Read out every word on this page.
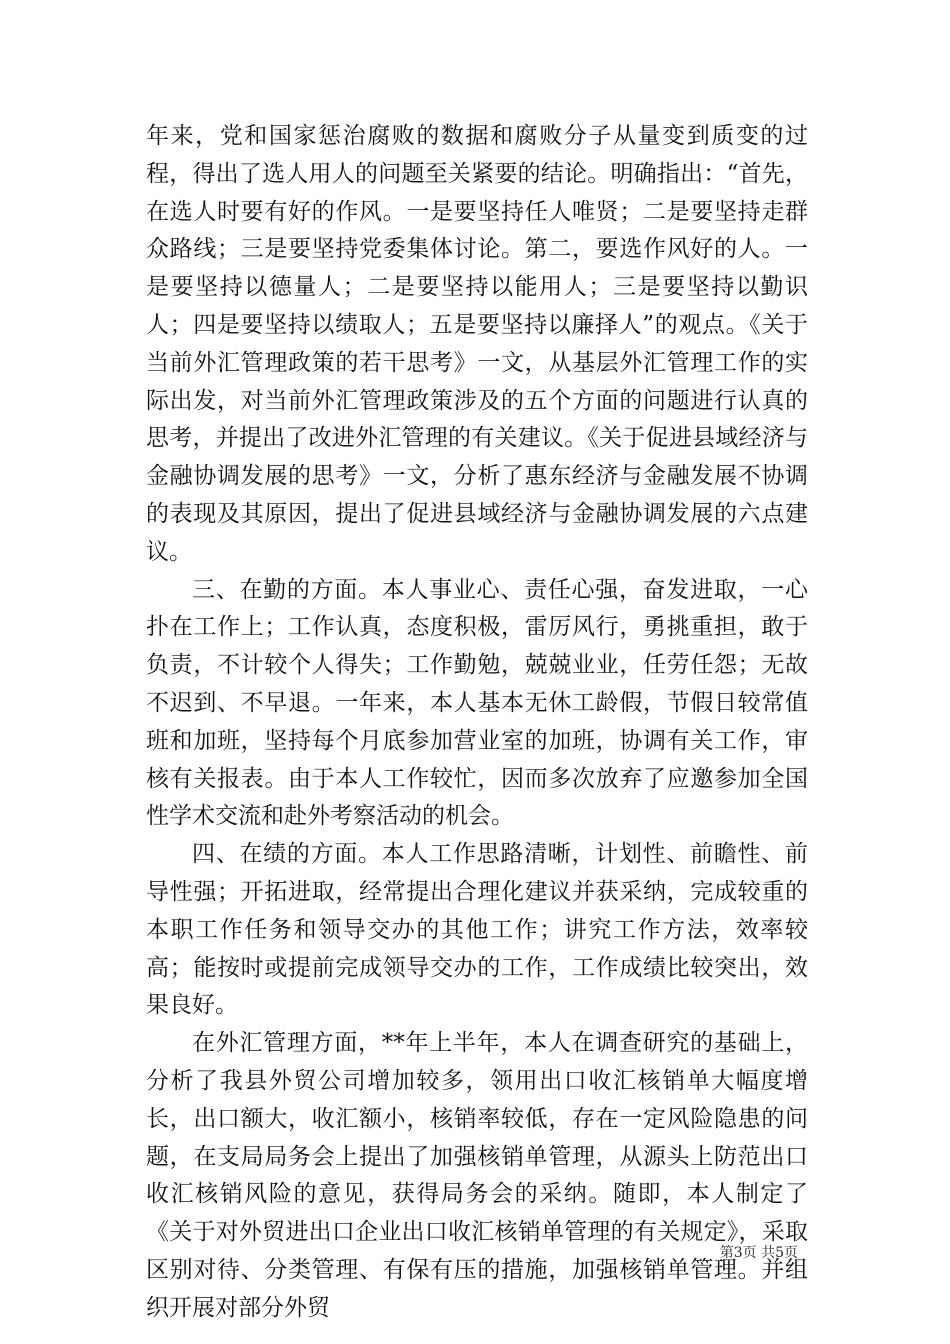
年来，党和国家惩治腐败的数据和腐败分子从量变到质变的过程，得出了选人用人的问题至关紧要的结论。明确指出：“首先，在选人时要有好的作风。一是要坚持任人唯贤；二是要坚持走群众路线；三是要坚持党委集体讨论。第二，要选作风好的人。一是要坚持以德量人；二是要坚持以能用人；三是要坚持以勤识人；四是要坚持以绩取人；五是要坚持以廉择人”的观点。《关于当前外汇管理政策的若干思考》一文，从基层外汇管理工作的实际出发，对当前外汇管理政策涉及的五个方面的问题进行认真的思考，并提出了改进外汇管理的有关建议。《关于促进县域经济与金融协调发展的思考》一文，分析了惠东经济与金融发展不协调的表现及其原因，提出了促进县域经济与金融协调发展的六点建议。

三、在勤的方面。本人事业心、责任心强，奋发进取，一心扑在工作上；工作认真，态度积极，雷厉风行，勇挑重担，敢于负责，不计较个人得失；工作勤勉，兢兢业业，任劳任怨；无故不迟到、不早退。一年来，本人基本无休工龄假，节假日较常值班和加班，坚持每个月底参加营业室的加班，协调有关工作，审核有关报表。由于本人工作较忙，因而多次放弃了应邀参加全国性学术交流和赴外考察活动的机会。

四、在绩的方面。本人工作思路清晰，计划性、前瞻性、前导性强；开拓进取，经常提出合理化建议并获采纳，完成较重的本职工作任务和领导交办的其他工作；讲究工作方法，效率较高；能按时或提前完成领导交办的工作，工作成绩比较突出，效果良好。

在外汇管理方面，**年上半年，本人在调查研究的基础上，分析了我县外贸公司增加较多，领用出口收汇核销单大幅度增长，出口额大，收汇额小，核销率较低，存在一定风险隐患的问题，在支局局务会上提出了加强核销单管理，从源头上防范出口收汇核销风险的意见，获得局务会的采纳。随即，本人制定了《关于对外贸进出口企业出口收汇核销单管理的有关规定》，采取区别对待、分类管理、有保有压的措施，加强核销单管理。并组织开展对部分外贸

第3页 共5页
